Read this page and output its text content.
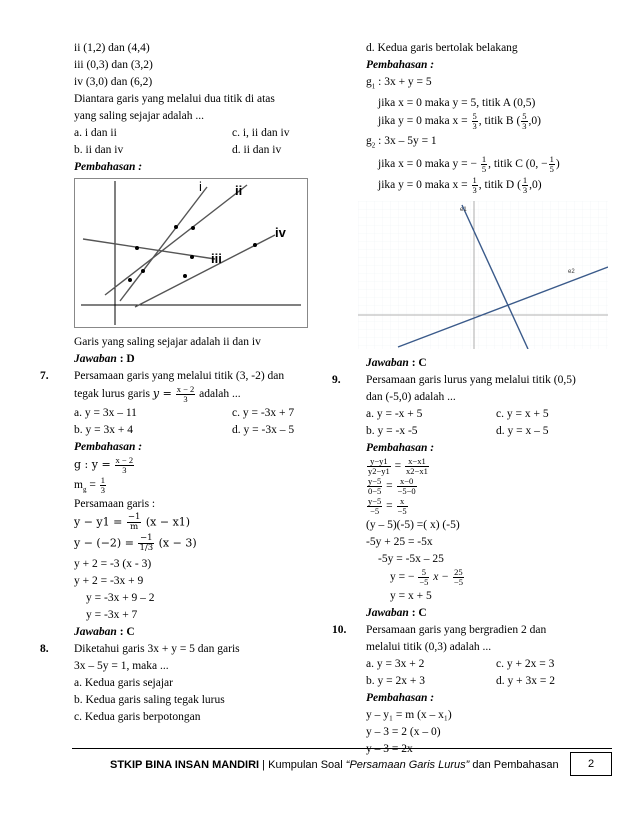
ii (1,2) dan (4,4)
iii (0,3) dan (3,2)
iv (3,0) dan (6,2)
Diantara garis yang melalui dua titik di atas
yang saling sejajar adalah ...
a. i dan ii	c. i, ii dan iv
b. ii dan iv	d. ii dan iv
Pembahasan :
i	ii
iii
iv
Garis yang saling sejajar adalah ii dan iv
Jawaban : D
7.	Persamaan garis yang melalui titik (3, -2) dan
tegak lurus garis $y = \frac{x - 2}{3}$ adalah ...
a. y = 3x – 11	c. y = -3x + 7
b. y = 3x + 4	d. y = -3x – 5
Pembahasan :
g : $y = \frac{x - 2}{3}$
$m_g = \frac{1}{3}$
Persamaan garis :
$y - y1 = \frac{-1}{m} (x - x1)$
$y - (-2) = \frac{-1}{1/3} (x - 3)$
y + 2 = -3 (x - 3)
y + 2 = -3x + 9
y = -3x + 9 – 2
y = -3x + 7
Jawaban : C
8.	Diketahui garis 3x + y = 5 dan garis
3x – 5y = 1, maka ...
a. Kedua garis sejajar
b. Kedua garis saling tegak lurus
c. Kedua garis berpotongan
d. Kedua garis bertolak belakang
Pembahasan :
$g_1$ : 3x + y = 5
jika x = 0 maka y = 5, titik A (0,5)
jika y = 0 maka $x = \frac{5}{3}$ , titik B ( $\frac{5}{3} ,0$)
$g_2$ : 3x – 5y = 1
jika x = 0 maka y = − $\frac{1}{5}$ , titik C (0, − $\frac{1}{5}$ )
jika y = 0 maka $x = \frac{1}{3}$ , titik D ( $\frac{1}{3} ,0$)
e1
e2
Jawaban : C
9.	Persamaan garis lurus yang melalui titik (0,5)
dan (-5,0) adalah ...
a. y = -x + 5	c. y = x + 5
b. y = -x -5	d. y = x – 5
Pembahasan :
$\frac{y-y1}{y2-y1} = \frac{x-x1}{x2-x1}$
$\frac{y-5}{0-5} = \frac{x-0}{-5-0}$
$\frac{y-5}{-5} = \frac{x}{-5}$
(y – 5)(-5) =( x) (-5)
-5y + 25 = -5x
-5y = -5x – 25
y = − $\frac{5}{-5}$ $x - \frac{25}{-5}$
y = x + 5
Jawaban : C
10.	Persamaan garis yang bergradien 2 dan
melalui titik (0,3) adalah ...
a. y = 3x + 2	c. y + 2x = 3
b. y = 2x + 3	d. y + 3x = 2
Pembahasan :
y – y₁ = m (x – x₁)
y – 3 = 2 (x – 0)
y – 3 = 2x
STKIP BINA INSAN MANDIRI | Kumpulan Soal “Persamaan Garis Lurus” dan Pembahasan	2
